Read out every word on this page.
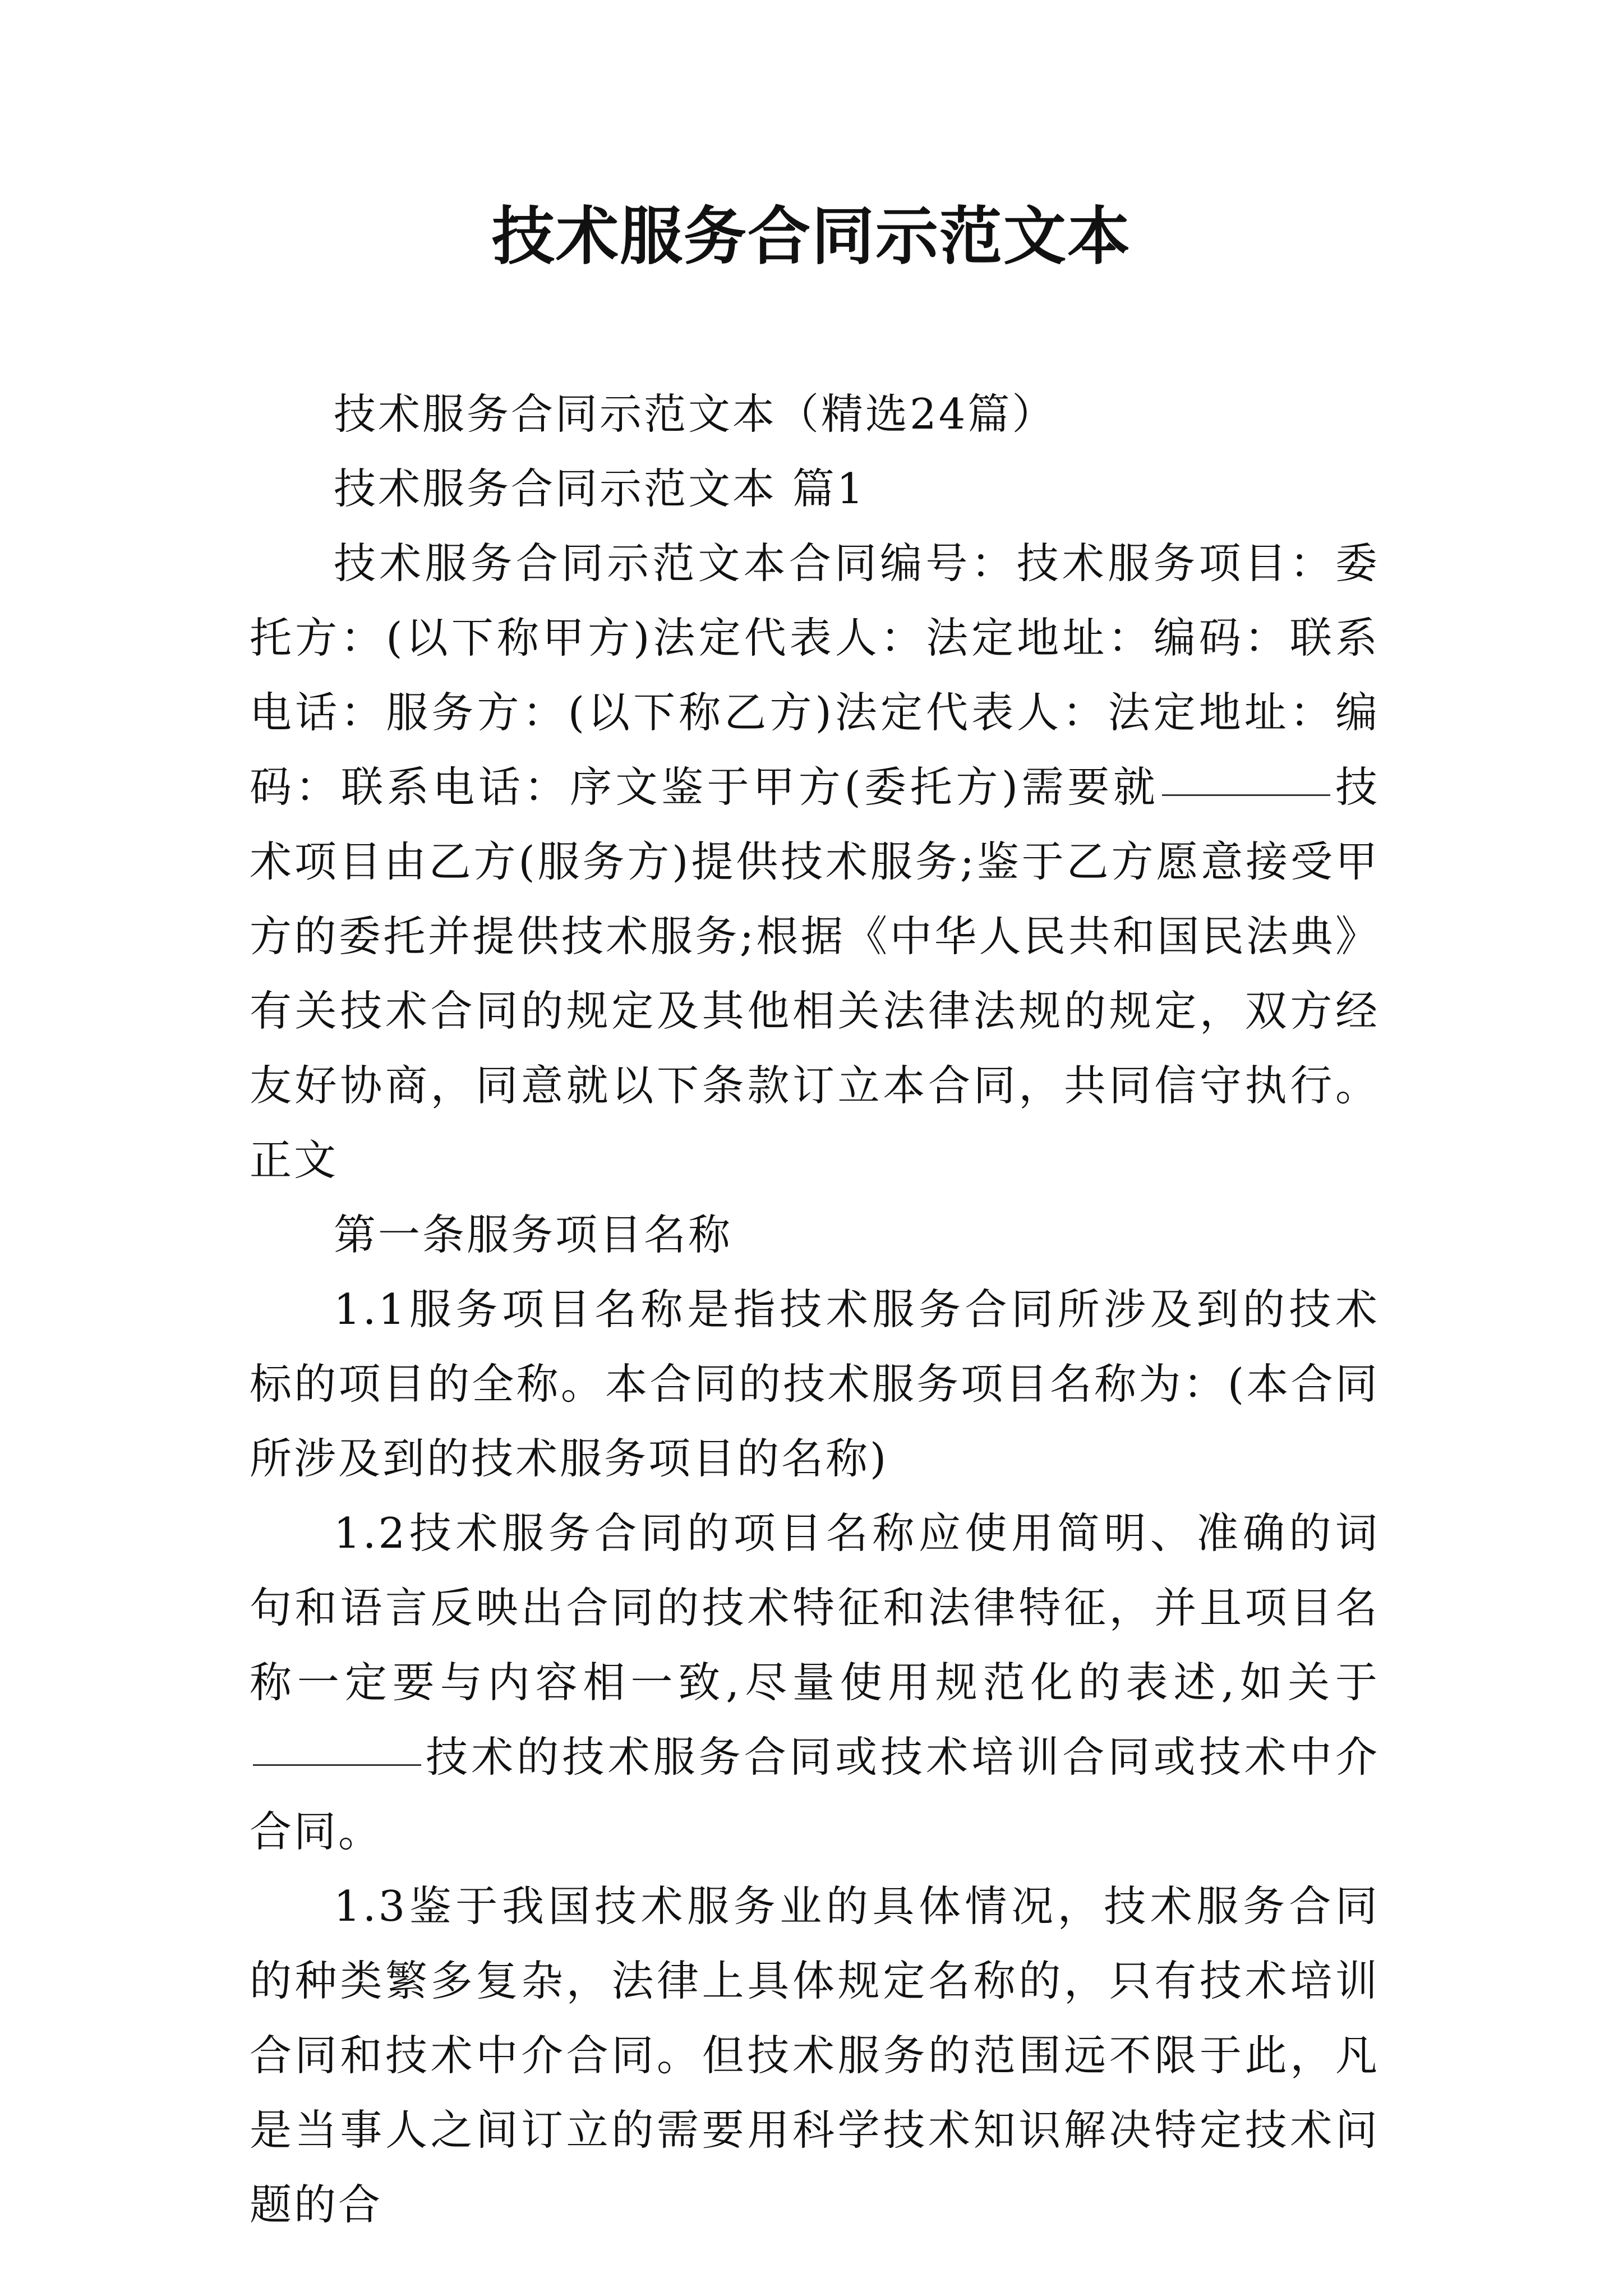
技术服务合同示范文本

技术服务合同示范文本（精选24篇）

技术服务合同示范文本 篇1

技术服务合同示范文本合同编号：技术服务项目：委托方：(以下称甲方)法定代表人：法定地址：编码：联系电话：服务方：(以下称乙方)法定代表人：法定地址：编码：联系电话：序文鉴于甲方(委托方)需要就	技术项目由乙方(服务方)提供技术服务;鉴于乙方愿意接受甲方的委托并提供技术服务;根据《中华人民共和国民法典》有关技术合同的规定及其他相关法律法规的规定，双方经友好协商，同意就以下条款订立本合同，共同信守执行。正文

第一条服务项目名称

1.1服务项目名称是指技术服务合同所涉及到的技术标的项目的全称。本合同的技术服务项目名称为：(本合同所涉及到的技术服务项目的名称)

1.2技术服务合同的项目名称应使用简明、准确的词句和语言反映出合同的技术特征和法律特征，并且项目名称一定要与内容相一致,尽量使用规范化的表述,如关于技术的技术服务合同或技术培训合同或技术中介合同。

1.3鉴于我国技术服务业的具体情况，技术服务合同的种类繁多复杂，法律上具体规定名称的，只有技术培训合同和技术中介合同。但技术服务的范围远不限于此，凡是当事人之间订立的需要用科学技术知识解决特定技术问题的合
